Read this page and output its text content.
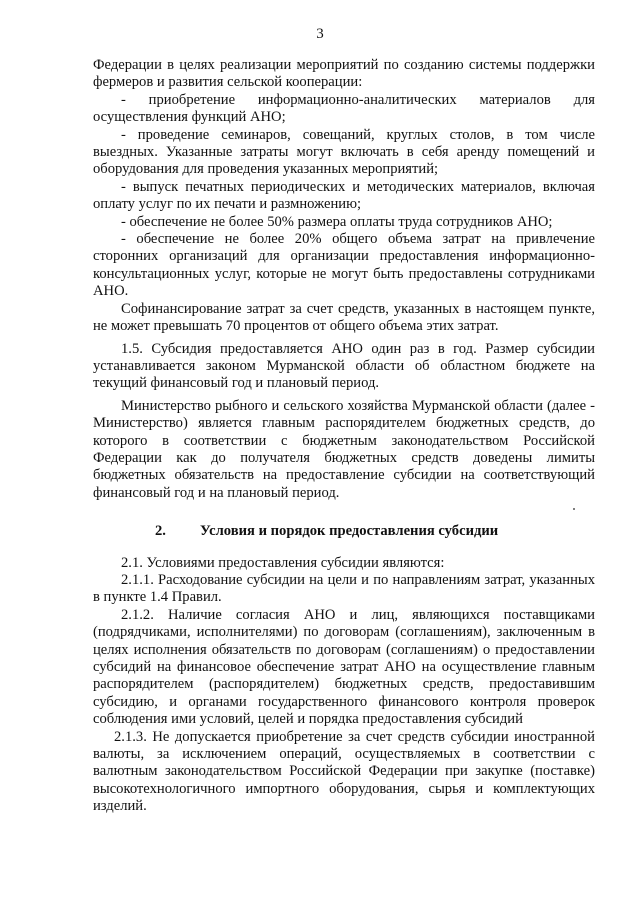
3

Федерации в целях реализации мероприятий по созданию системы поддержки фермеров и развития сельской кооперации:

- приобретение информационно-аналитических материалов для осуществления функций АНО;

- проведение семинаров, совещаний, круглых столов, в том числе выездных. Указанные затраты могут включать в себя аренду помещений и оборудования для проведения указанных мероприятий;

- выпуск печатных периодических и методических материалов, включая оплату услуг по их печати и размножению;

- обеспечение не более 50% размера оплаты труда сотрудников АНО;

- обеспечение не более 20% общего объема затрат на привлечение сторонних организаций для организации предоставления информационно-консультационных услуг, которые не могут быть предоставлены сотрудниками АНО.

Софинансирование затрат за счет средств, указанных в настоящем пункте, не может превышать 70 процентов от общего объема этих затрат.

1.5. Субсидия предоставляется АНО один раз в год. Размер субсидии устанавливается законом Мурманской области об областном бюджете на текущий финансовый год и плановый период.

Министерство рыбного и сельского хозяйства Мурманской области (далее - Министерство) является главным распорядителем бюджетных средств, до которого в соответствии с бюджетным законодательством Российской Федерации как до получателя бюджетных средств доведены лимиты бюджетных обязательств на предоставление субсидии на соответствующий финансовый год и на плановый период.

2. Условия и порядок предоставления субсидии

2.1. Условиями предоставления субсидии являются:

2.1.1. Расходование субсидии на цели и по направлениям затрат, указанных в пункте 1.4 Правил.

2.1.2. Наличие согласия АНО и лиц, являющихся поставщиками (подрядчиками, исполнителями) по договорам (соглашениям), заключенным в целях исполнения обязательств по договорам (соглашениям) о предоставлении субсидий на финансовое обеспечение затрат АНО на осуществление главным распорядителем (распорядителем) бюджетных средств, предоставившим субсидию, и органами государственного финансового контроля проверок соблюдения ими условий, целей и порядка предоставления субсидий

2.1.3. Не допускается приобретение за счет средств субсидии иностранной валюты, за исключением операций, осуществляемых в соответствии с валютным законодательством Российской Федерации при закупке (поставке) высокотехнологичного импортного оборудования, сырья и комплектующих изделий.
